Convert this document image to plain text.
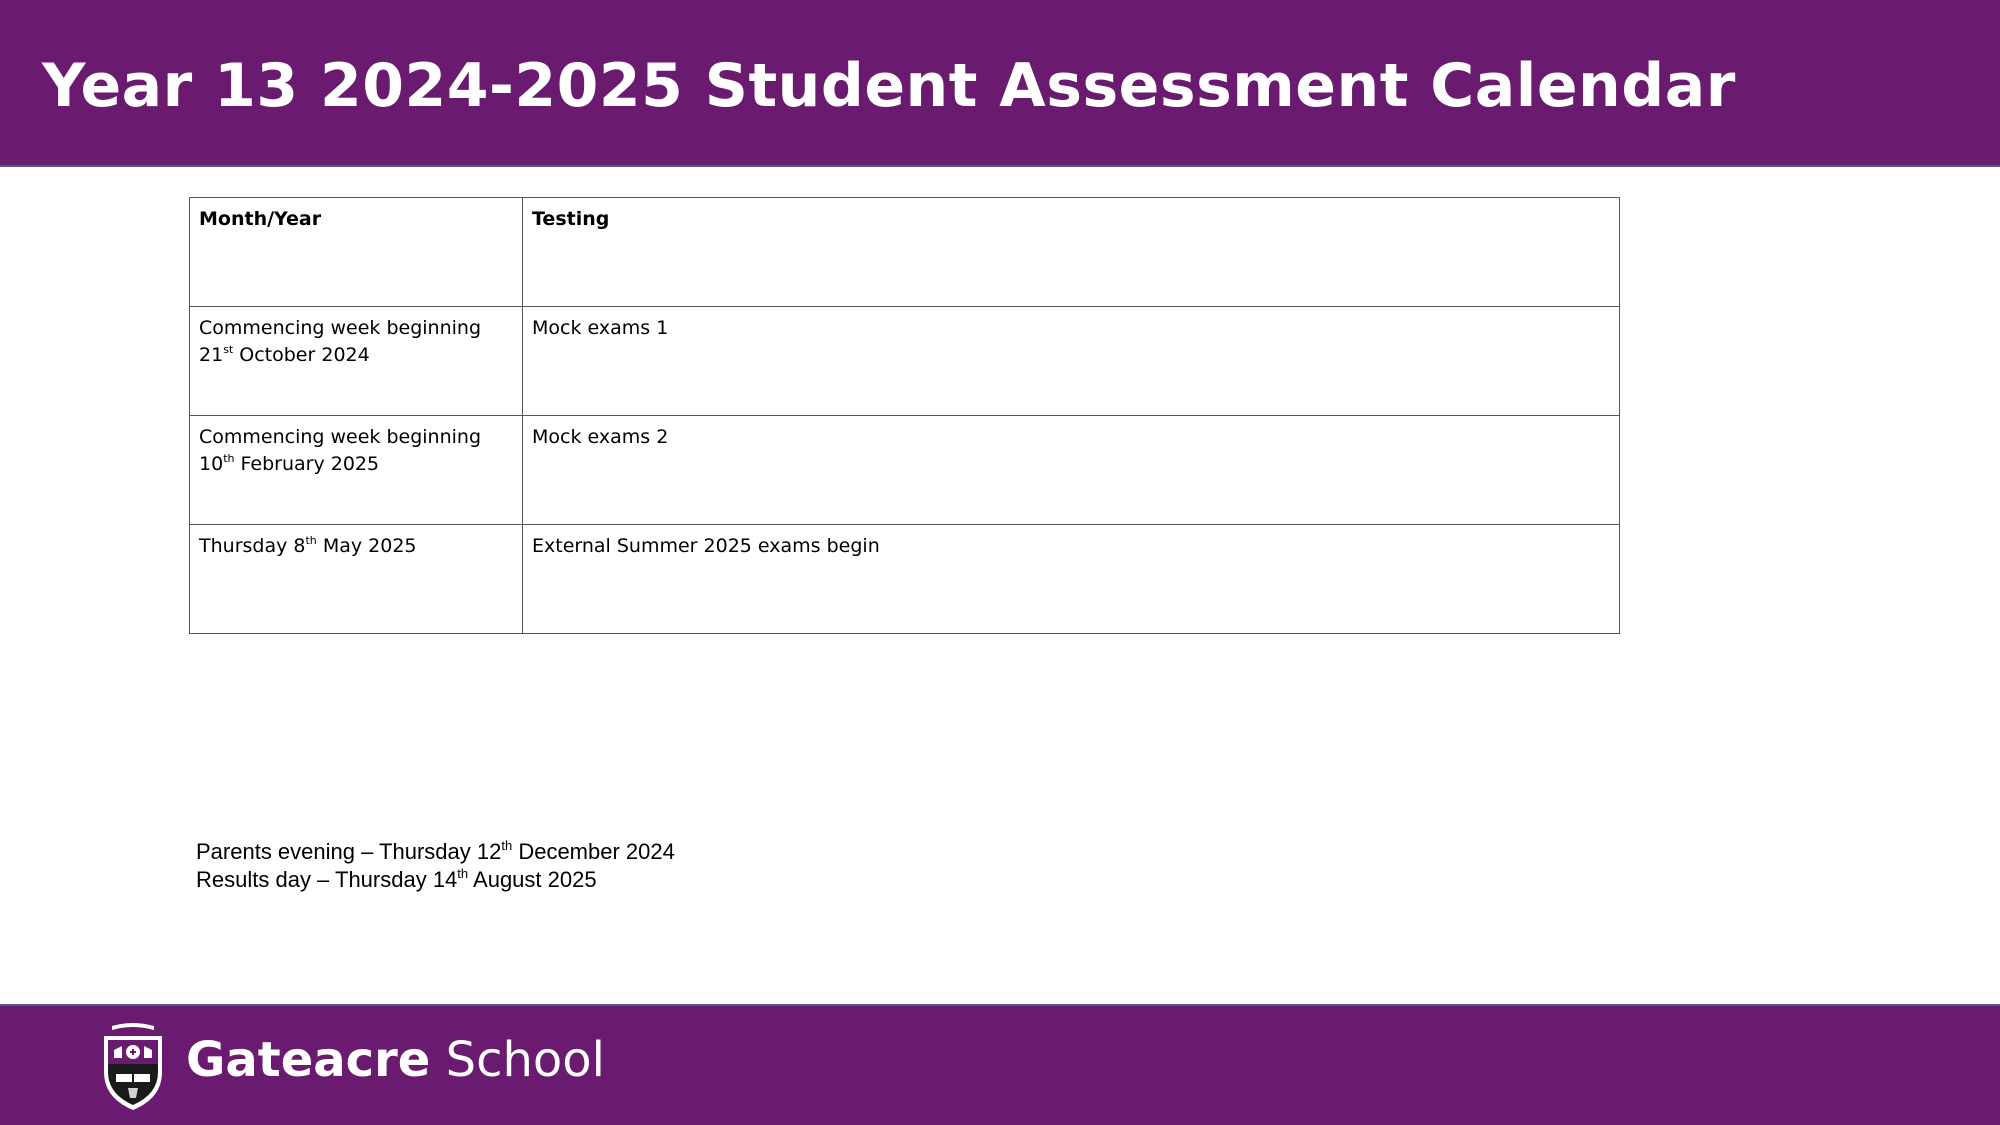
Year 13 2024-2025 Student Assessment Calendar
Month/Year	Testing
Commencing week beginning 21st October 2024	Mock exams 1
Commencing week beginning 10th February 2025	Mock exams 2
Thursday 8th May 2025	External Summer 2025 exams begin
Parents evening – Thursday 12th December 2024
Results day – Thursday 14th August 2025
Gateacre School
